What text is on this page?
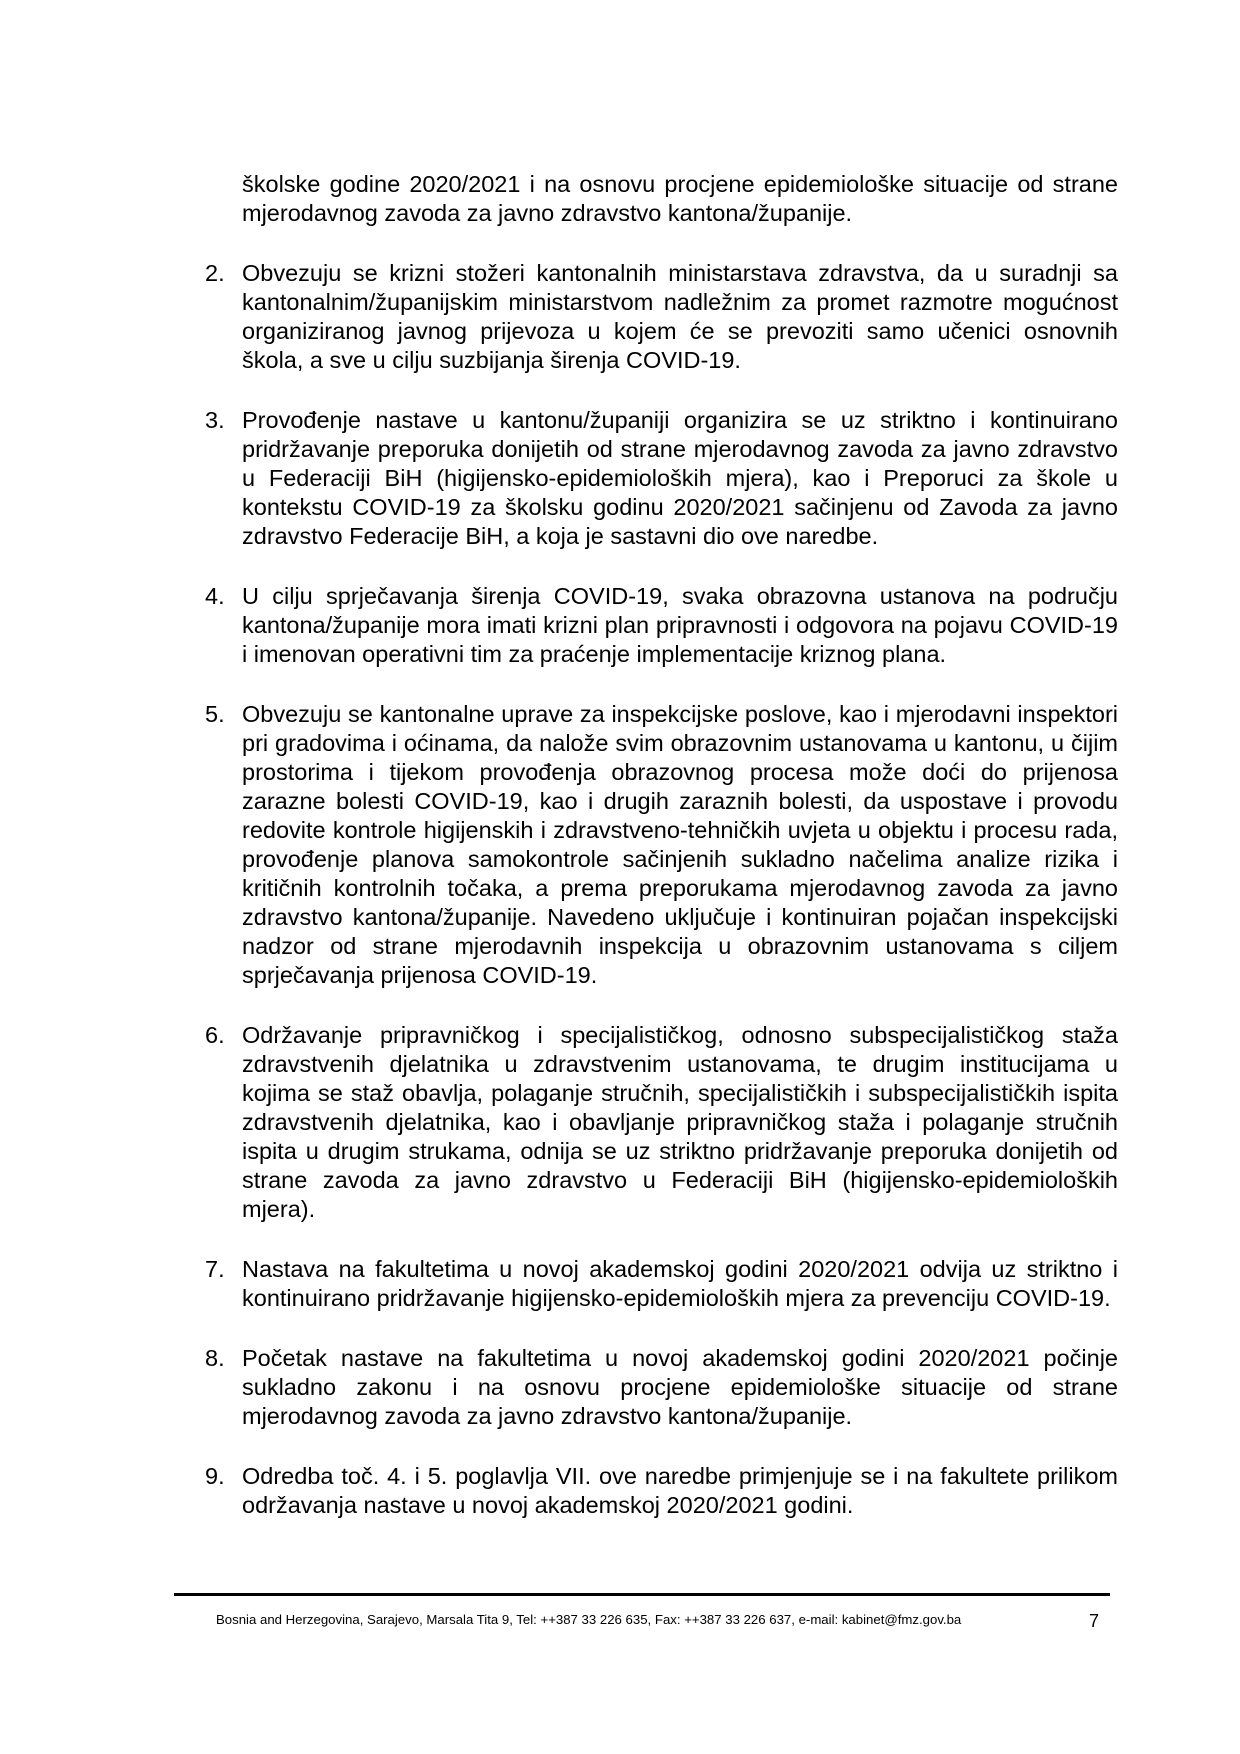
školske godine 2020/2021 i na osnovu procjene epidemiološke situacije od strane mjerodavnog zavoda za javno zdravstvo kantona/županije.

2. Obvezuju se krizni stožeri kantonalnih ministarstava zdravstva, da u suradnji sa kantonalnim/županijskim ministarstvom nadležnim za promet razmotre mogućnost organiziranog javnog prijevoza u kojem će se prevoziti samo učenici osnovnih škola, a sve u cilju suzbijanja širenja COVID-19.
3. Provođenje nastave u kantonu/županiji organizira se uz striktno i kontinuirano pridržavanje preporuka donijetih od strane mjerodavnog zavoda za javno zdravstvo u Federaciji BiH (higijensko-epidemioloških mjera), kao i Preporuci za škole u kontekstu COVID-19 za školsku godinu 2020/2021 sačinjenu od Zavoda za javno zdravstvo Federacije BiH, a koja je sastavni dio ove naredbe.
4. U cilju sprječavanja širenja COVID-19, svaka obrazovna ustanova na području kantona/županije mora imati krizni plan pripravnosti i odgovora na pojavu COVID-19 i imenovan operativni tim za praćenje implementacije kriznog plana.
5. Obvezuju se kantonalne uprave za inspekcijske poslove, kao i mjerodavni inspektori pri gradovima i oćinama, da nalože svim obrazovnim ustanovama u kantonu, u čijim prostorima i tijekom provođenja obrazovnog procesa može doći do prijenosa zarazne bolesti COVID-19, kao i drugih zaraznih bolesti, da uspostave i provodu redovite kontrole higijenskih i zdravstveno-tehničkih uvjeta u objektu i procesu rada, provođenje planova samokontrole sačinjenih sukladno načelima analize rizika i kritičnih kontrolnih točaka, a prema preporukama mjerodavnog zavoda za javno zdravstvo kantona/županije. Navedeno uključuje i kontinuiran pojačan inspekcijski nadzor od strane mjerodavnih inspekcija u obrazovnim ustanovama s ciljem sprječavanja prijenosa COVID-19.
6. Održavanje pripravničkog i specijalističkog, odnosno subspecijalističkog staža zdravstvenih djelatnika u zdravstvenim ustanovama, te drugim institucijama u kojima se staž obavlja, polaganje stručnih, specijalističkih i subspecijalističkih ispita zdravstvenih djelatnika, kao i obavljanje pripravničkog staža i polaganje stručnih ispita u drugim strukama, odnija se uz striktno pridržavanje preporuka donijetih od strane zavoda za javno zdravstvo u Federaciji BiH (higijensko-epidemioloških mjera).
7. Nastava na fakultetima u novoj akademskoj godini 2020/2021 odvija uz striktno i kontinuirano pridržavanje higijensko-epidemioloških mjera za prevenciju COVID-19.
8. Početak nastave na fakultetima u novoj akademskoj godini 2020/2021 počinje sukladno zakonu i na osnovu procjene epidemiološke situacije od strane mjerodavnog zavoda za javno zdravstvo kantona/županije.
9. Odredba toč. 4. i 5. poglavlja VII. ove naredbe primjenjuje se i na fakultete prilikom održavanja nastave u novoj akademskoj 2020/2021 godini.
Bosnia and Herzegovina, Sarajevo, Marsala Tita 9, Tel: ++387 33 226 635, Fax: ++387 33 226 637, e-mail: kabinet@fmz.gov.ba	7
